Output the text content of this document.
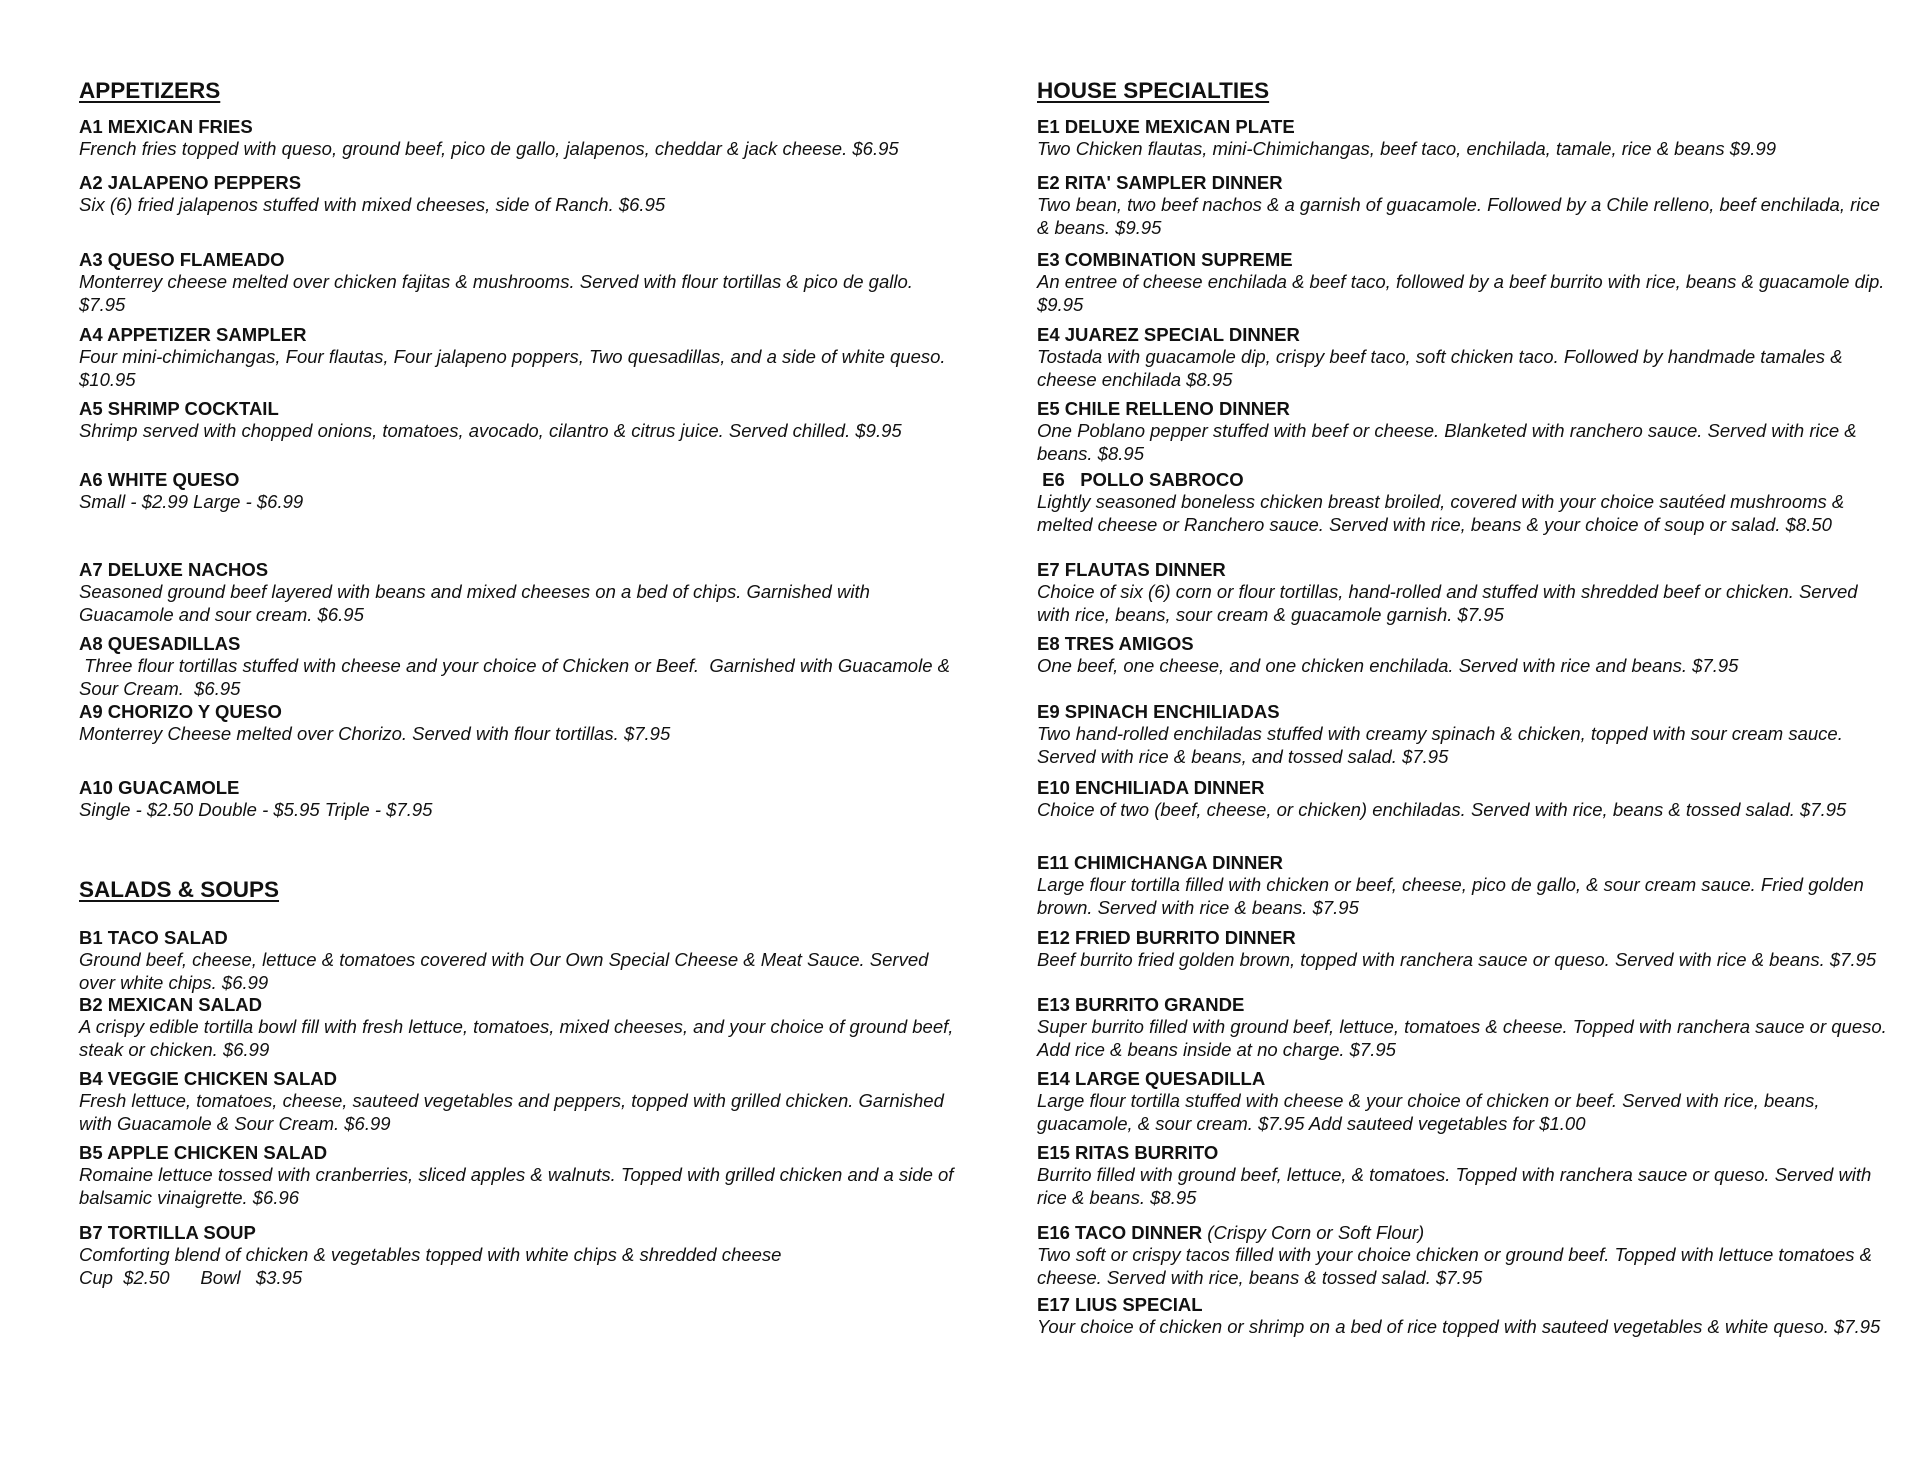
APPETIZERS
A1 MEXICAN FRIES
French fries topped with queso, ground beef, pico de gallo, jalapenos, cheddar & jack cheese. $6.95
A2 JALAPENO PEPPERS
Six (6) fried jalapenos stuffed with mixed cheeses, side of Ranch. $6.95
A3 QUESO FLAMEADO
Monterrey cheese melted over chicken fajitas & mushrooms. Served with flour tortillas & pico de gallo. $7.95
A4 APPETIZER SAMPLER
Four mini-chimichangas, Four flautas, Four jalapeno poppers, Two quesadillas, and a side of white queso. $10.95
A5 SHRIMP COCKTAIL
Shrimp served with chopped onions, tomatoes, avocado, cilantro & citrus juice. Served chilled. $9.95
A6 WHITE QUESO
Small - $2.99 Large - $6.99
A7 DELUXE NACHOS
Seasoned ground beef layered with beans and mixed cheeses on a bed of chips. Garnished with Guacamole and sour cream. $6.95
A8 QUESADILLAS
Three flour tortillas stuffed with cheese and your choice of Chicken or Beef.  Garnished with Guacamole & Sour Cream.  $6.95
A9 CHORIZO Y QUESO
Monterrey Cheese melted over Chorizo. Served with flour tortillas. $7.95
A10 GUACAMOLE
Single - $2.50 Double - $5.95 Triple - $7.95
SALADS & SOUPS
B1 TACO SALAD
Ground beef, cheese, lettuce & tomatoes covered with Our Own Special Cheese & Meat Sauce. Served over white chips. $6.99
B2 MEXICAN SALAD
A crispy edible tortilla bowl fill with fresh lettuce, tomatoes, mixed cheeses, and your choice of ground beef, steak or chicken. $6.99
B4 VEGGIE CHICKEN SALAD
Fresh lettuce, tomatoes, cheese, sauteed vegetables and peppers, topped with grilled chicken. Garnished with Guacamole & Sour Cream. $6.99
B5 APPLE CHICKEN SALAD
Romaine lettuce tossed with cranberries, sliced apples & walnuts. Topped with grilled chicken and a side of balsamic vinaigrette. $6.96
B7 TORTILLA SOUP
Comforting blend of chicken & vegetables topped with white chips & shredded cheese
Cup  $2.50      Bowl   $3.95
HOUSE SPECIALTIES
E1 DELUXE MEXICAN PLATE
Two Chicken flautas, mini-Chimichangas, beef taco, enchilada, tamale, rice & beans $9.99
E2 RITA' SAMPLER DINNER
Two bean, two beef nachos & a garnish of guacamole. Followed by a Chile relleno, beef enchilada, rice & beans. $9.95
E3 COMBINATION SUPREME
An entree of cheese enchilada & beef taco, followed by a beef burrito with rice, beans & guacamole dip. $9.95
E4 JUAREZ SPECIAL DINNER
Tostada with guacamole dip, crispy beef taco, soft chicken taco. Followed by handmade tamales & cheese enchilada $8.95
E5 CHILE RELLENO DINNER
One Poblano pepper stuffed with beef or cheese. Blanketed with ranchero sauce. Served with rice & beans. $8.95
E6   POLLO SABROCO
Lightly seasoned boneless chicken breast broiled, covered with your choice sautéed mushrooms & melted cheese or Ranchero sauce. Served with rice, beans & your choice of soup or salad. $8.50
E7 FLAUTAS DINNER
Choice of six (6) corn or flour tortillas, hand-rolled and stuffed with shredded beef or chicken. Served with rice, beans, sour cream & guacamole garnish. $7.95
E8 TRES AMIGOS
One beef, one cheese, and one chicken enchilada. Served with rice and beans. $7.95
E9 SPINACH ENCHILIADAS
Two hand-rolled enchiladas stuffed with creamy spinach & chicken, topped with sour cream sauce. Served with rice & beans, and tossed salad. $7.95
E10 ENCHILIADA DINNER
Choice of two (beef, cheese, or chicken) enchiladas. Served with rice, beans & tossed salad. $7.95
E11 CHIMICHANGA DINNER
Large flour tortilla filled with chicken or beef, cheese, pico de gallo, & sour cream sauce. Fried golden brown. Served with rice & beans. $7.95
E12 FRIED BURRITO DINNER
Beef burrito fried golden brown, topped with ranchera sauce or queso. Served with rice & beans. $7.95
E13 BURRITO GRANDE
Super burrito filled with ground beef, lettuce, tomatoes & cheese. Topped with ranchera sauce or queso. Add rice & beans inside at no charge. $7.95
E14 LARGE QUESADILLA
Large flour tortilla stuffed with cheese & your choice of chicken or beef. Served with rice, beans, guacamole, & sour cream. $7.95 Add sauteed vegetables for $1.00
E15 RITAS BURRITO
Burrito filled with ground beef, lettuce, & tomatoes. Topped with ranchera sauce or queso. Served with rice & beans. $8.95
E16 TACO DINNER (Crispy Corn or Soft Flour)
Two soft or crispy tacos filled with your choice chicken or ground beef. Topped with lettuce tomatoes & cheese. Served with rice, beans & tossed salad. $7.95
E17 LIUS SPECIAL
Your choice of chicken or shrimp on a bed of rice topped with sauteed vegetables & white queso. $7.95
